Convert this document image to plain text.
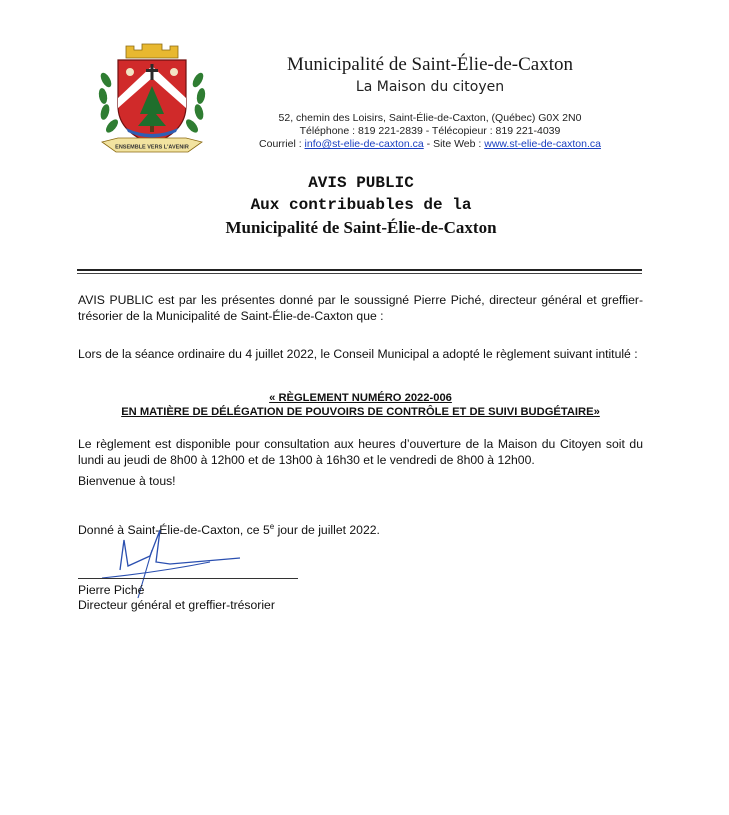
ENSEMBLE VERS L'AVENIR
Municipalité de Saint-Élie-de-Caxton
La Maison du citoyen
52, chemin des Loisirs, Saint-Élie-de-Caxton, (Québec) G0X 2N0
Téléphone : 819 221-2839 - Télécopieur : 819 221-4039
Courriel : info@st-elie-de-caxton.ca - Site Web : www.st-elie-de-caxton.ca
AVIS PUBLIC
Aux contribuables de la
Municipalité de Saint-Élie-de-Caxton
AVIS PUBLIC est par les présentes donné par le soussigné Pierre Piché, directeur général et greffier-trésorier de la Municipalité de Saint-Élie-de-Caxton que :
Lors de la séance ordinaire du 4 juillet 2022, le Conseil Municipal a adopté le règlement suivant intitulé :
« RÈGLEMENT NUMÉRO 2022-006
EN MATIÈRE DE DÉLÉGATION DE POUVOIRS DE CONTRÔLE ET DE SUIVI BUDGÉTAIRE»
Le règlement est disponible pour consultation aux heures d’ouverture de la Maison du Citoyen soit du lundi au jeudi de 8h00 à 12h00 et de 13h00 à 16h30 et le vendredi de 8h00 à 12h00.
Bienvenue à tous!
Donné à Saint-Élie-de-Caxton, ce 5e jour de juillet 2022.
Pierre Piché
Directeur général et greffier-trésorier
